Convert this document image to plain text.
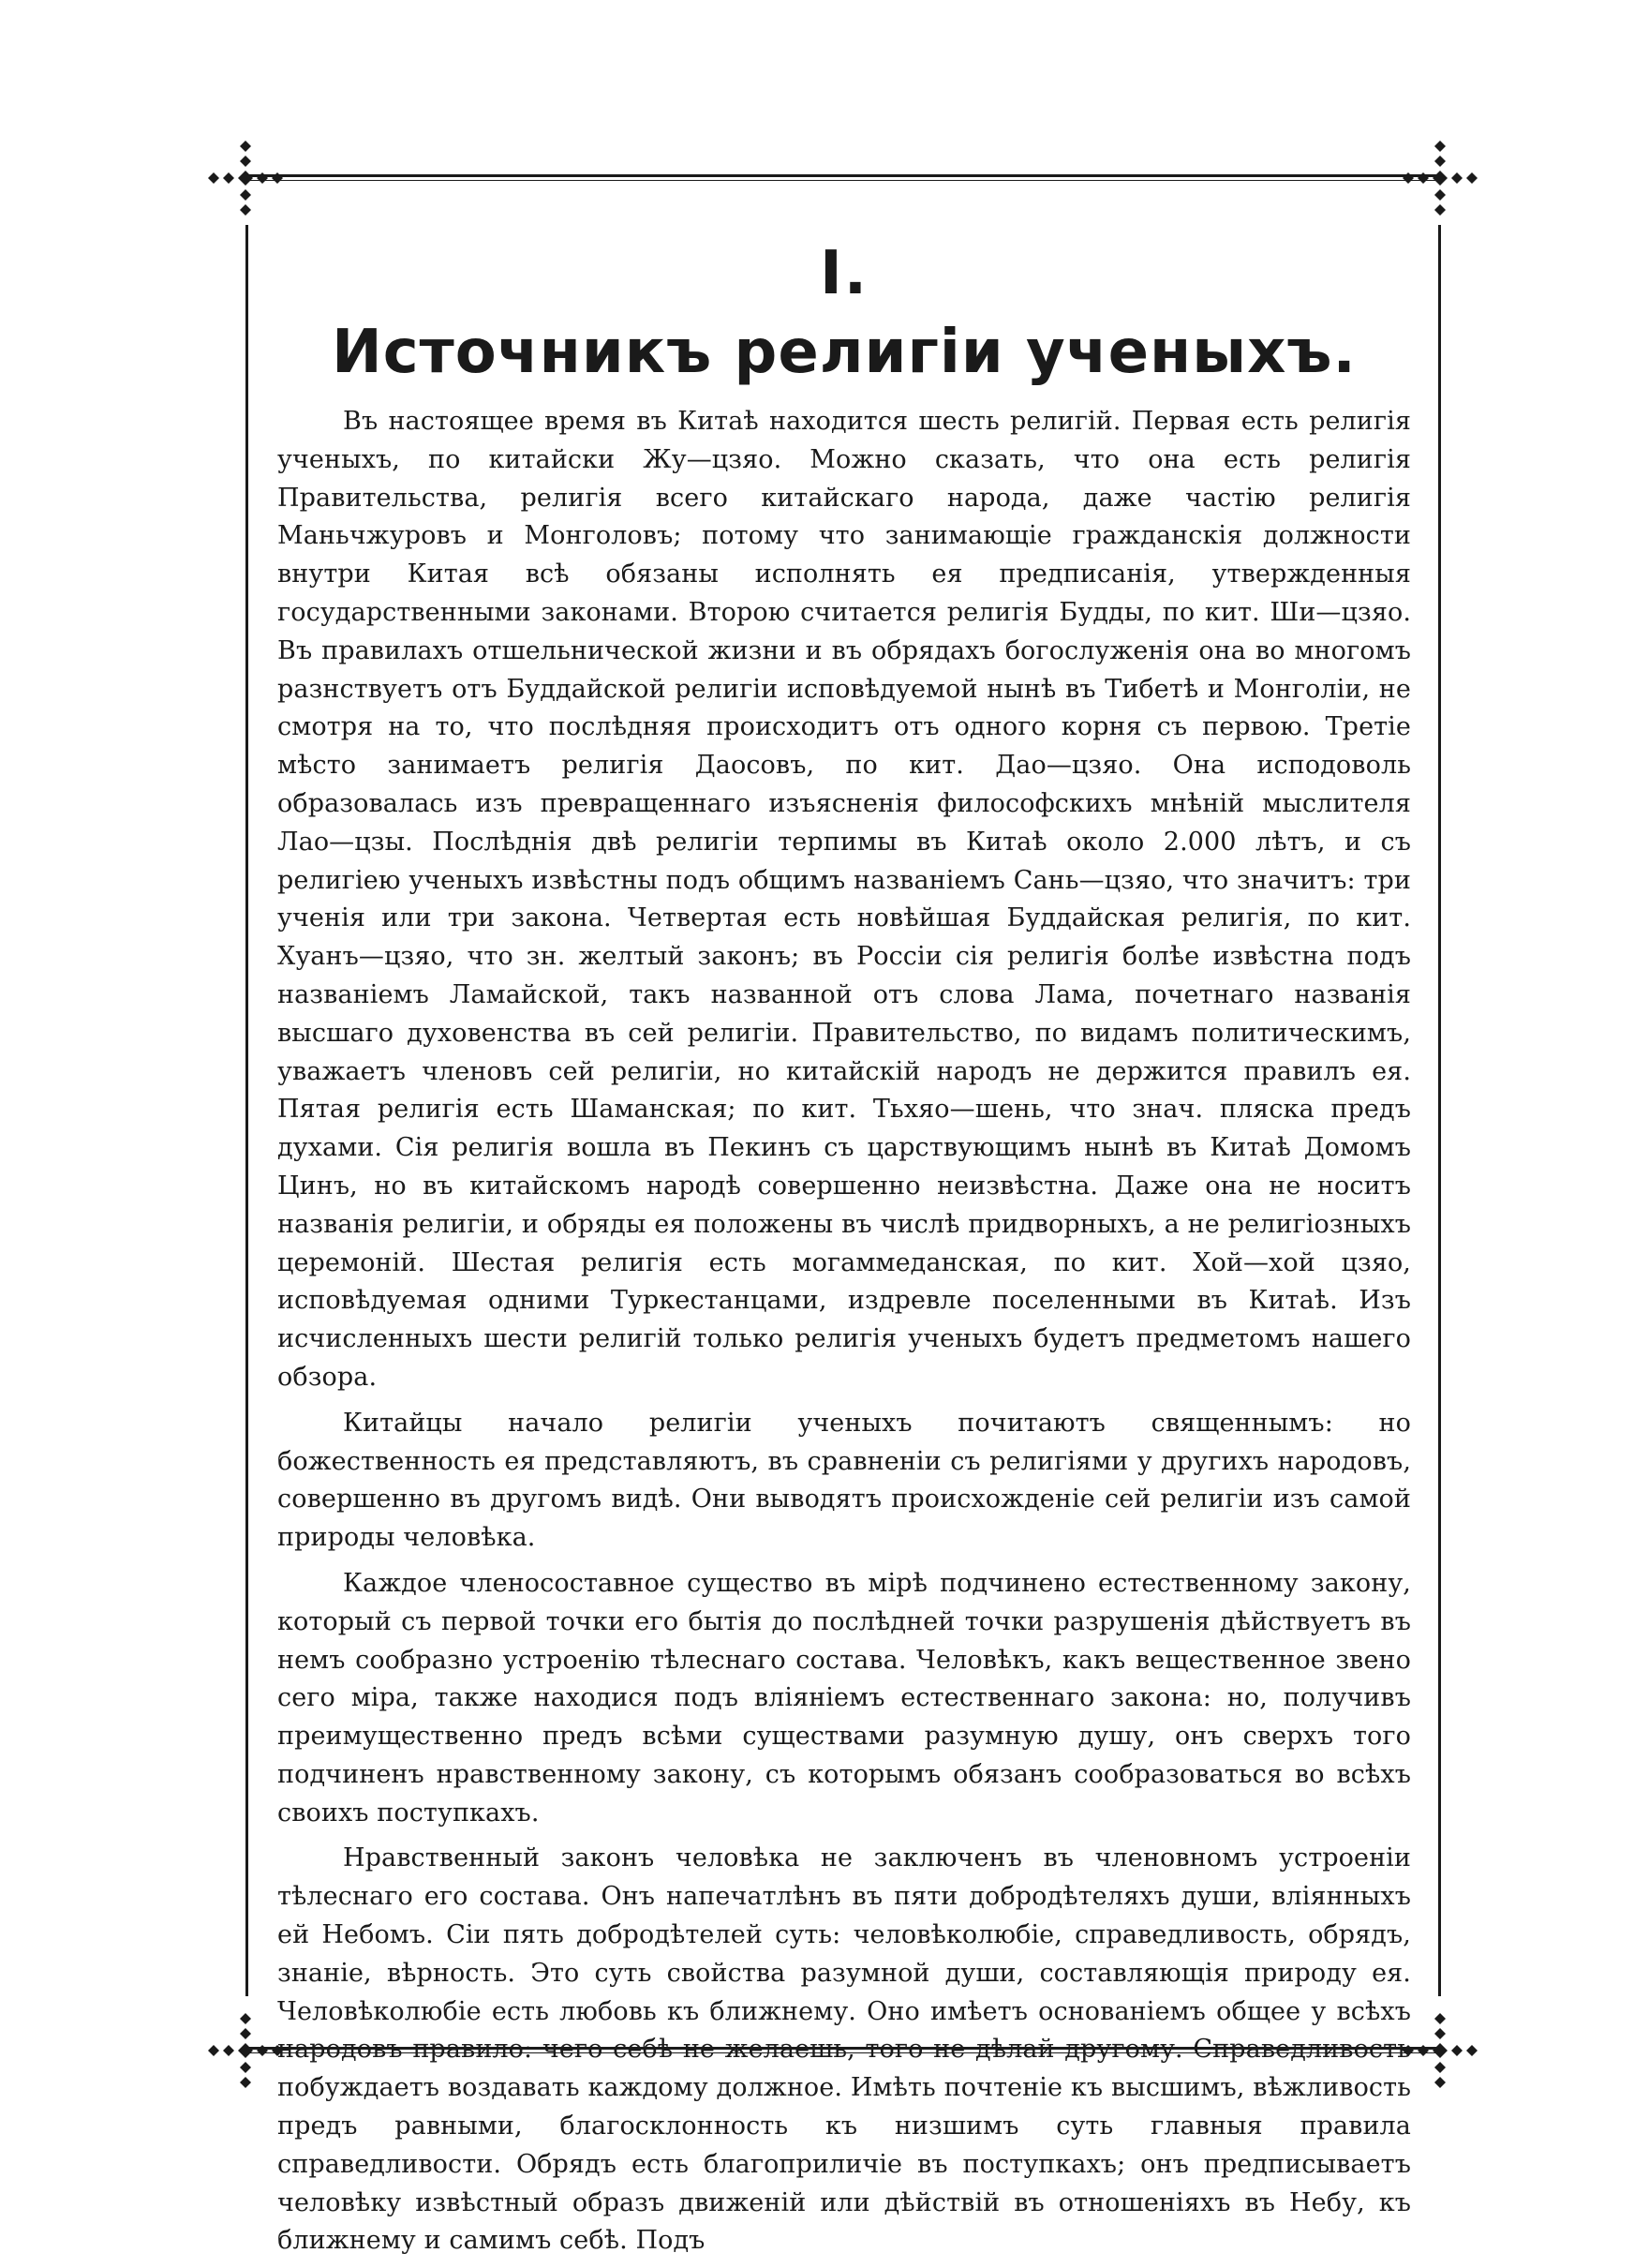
I.
Источникъ религіи ученыхъ.

Въ настоящее время въ Китаѣ находится шесть религій. Первая есть религія ученыхъ, по китайски Жу—цзяо. Можно сказать, что она есть религія Правительства, религія всего китайскаго народа, даже частію религія Маньчжуровъ и Монголовъ; потому что занимающіе гражданскія должности внутри Китая всѣ обязаны исполнять ея предписанія, утвержденныя государственными законами. Второю считается религія Будды, по кит. Ши—цзяо. Въ правилахъ отшельнической жизни и въ обрядахъ богослуженія она во многомъ разнствуетъ отъ Буддайской религіи исповѣдуемой нынѣ въ Тибетѣ и Монголіи, не смотря на то, что послѣдняя происходитъ отъ одного корня съ первою. Третіе мѣсто занимаетъ религія Даосовъ, по кит. Дао—цзяо. Она исподоволь образовалась изъ превращеннаго изъясненія философскихъ мнѣній мыслителя Лао—цзы. Послѣднія двѣ религіи терпимы въ Китаѣ около 2.000 лѣтъ, и съ религіею ученыхъ извѣстны подъ общимъ названіемъ Сань—цзяо, что значитъ: три ученія или три закона. Четвертая есть новѣйшая Буддайская религія, по кит. Хуанъ—цзяо, что зн. желтый законъ; въ Россіи сія религія болѣе извѣстна подъ названіемъ Ламайской, такъ названной отъ слова Лама, почетнаго названія высшаго духовенства въ сей религіи. Правительство, по видамъ политическимъ, уважаетъ членовъ сей религіи, но китайскій народъ не держится правилъ ея. Пятая религія есть Шаманская; по кит. Тьхяо—шень, что знач. пляска предъ духами. Сія религія вошла въ Пекинъ съ царствующимъ нынѣ въ Китаѣ Домомъ Цинъ, но въ китайскомъ народѣ совершенно неизвѣстна. Даже она не носитъ названія религіи, и обряды ея положены въ числѣ придворныхъ, а не религіозныхъ церемоній. Шестая религія есть могаммеданская, по кит. Хой—хой цзяо, исповѣдуемая одними Туркестанцами, издревле поселенными въ Китаѣ. Изъ исчисленныхъ шести религій только религія ученыхъ будетъ предметомъ нашего обзора.

Китайцы начало религіи ученыхъ почитаютъ священнымъ: но божественность ея представляютъ, въ сравненіи съ религіями у другихъ народовъ, совершенно въ другомъ видѣ. Они выводятъ происхожденіе сей религіи изъ самой природы человѣка.

Каждое членосоставное существо въ мірѣ подчинено естественному закону, который съ первой точки его бытія до послѣдней точки разрушенія дѣйствуетъ въ немъ сообразно устроенію тѣлеснаго состава. Человѣкъ, какъ вещественное звено сего міра, также находися подъ вліяніемъ естественнаго закона: но, получивъ преимущественно предъ всѣми существами разумную душу, онъ сверхъ того подчиненъ нравственному закону, съ которымъ обязанъ сообразоваться во всѣхъ своихъ поступкахъ.

Нравственный законъ человѣка не заключенъ въ членовномъ устроеніи тѣлеснаго его состава. Онъ напечатлѣнъ въ пяти добродѣтеляхъ души, вліянныхъ ей Небомъ. Сіи пять добродѣтелей суть: человѣколюбіе, справедливость, обрядъ, знаніе, вѣрность. Это суть свойства разумной души, составляющія природу ея. Человѣколюбіе есть любовь къ ближнему. Оно имѣетъ основаніемъ общее у всѣхъ народовъ правило: чего себѣ не желаешь, того не дѣлай другому. Справедливость побуждаетъ воздавать каждому должное. Имѣть почтеніе къ высшимъ, вѣжливость предъ равными, благосклонность къ низшимъ суть главныя правила справедливости. Обрядъ есть благоприличіе въ поступкахъ; онъ предписываетъ человѣку извѣстный образъ движеній или дѣйствій въ отношеніяхъ въ Небу, къ ближнему и самимъ себѣ. Подъ
